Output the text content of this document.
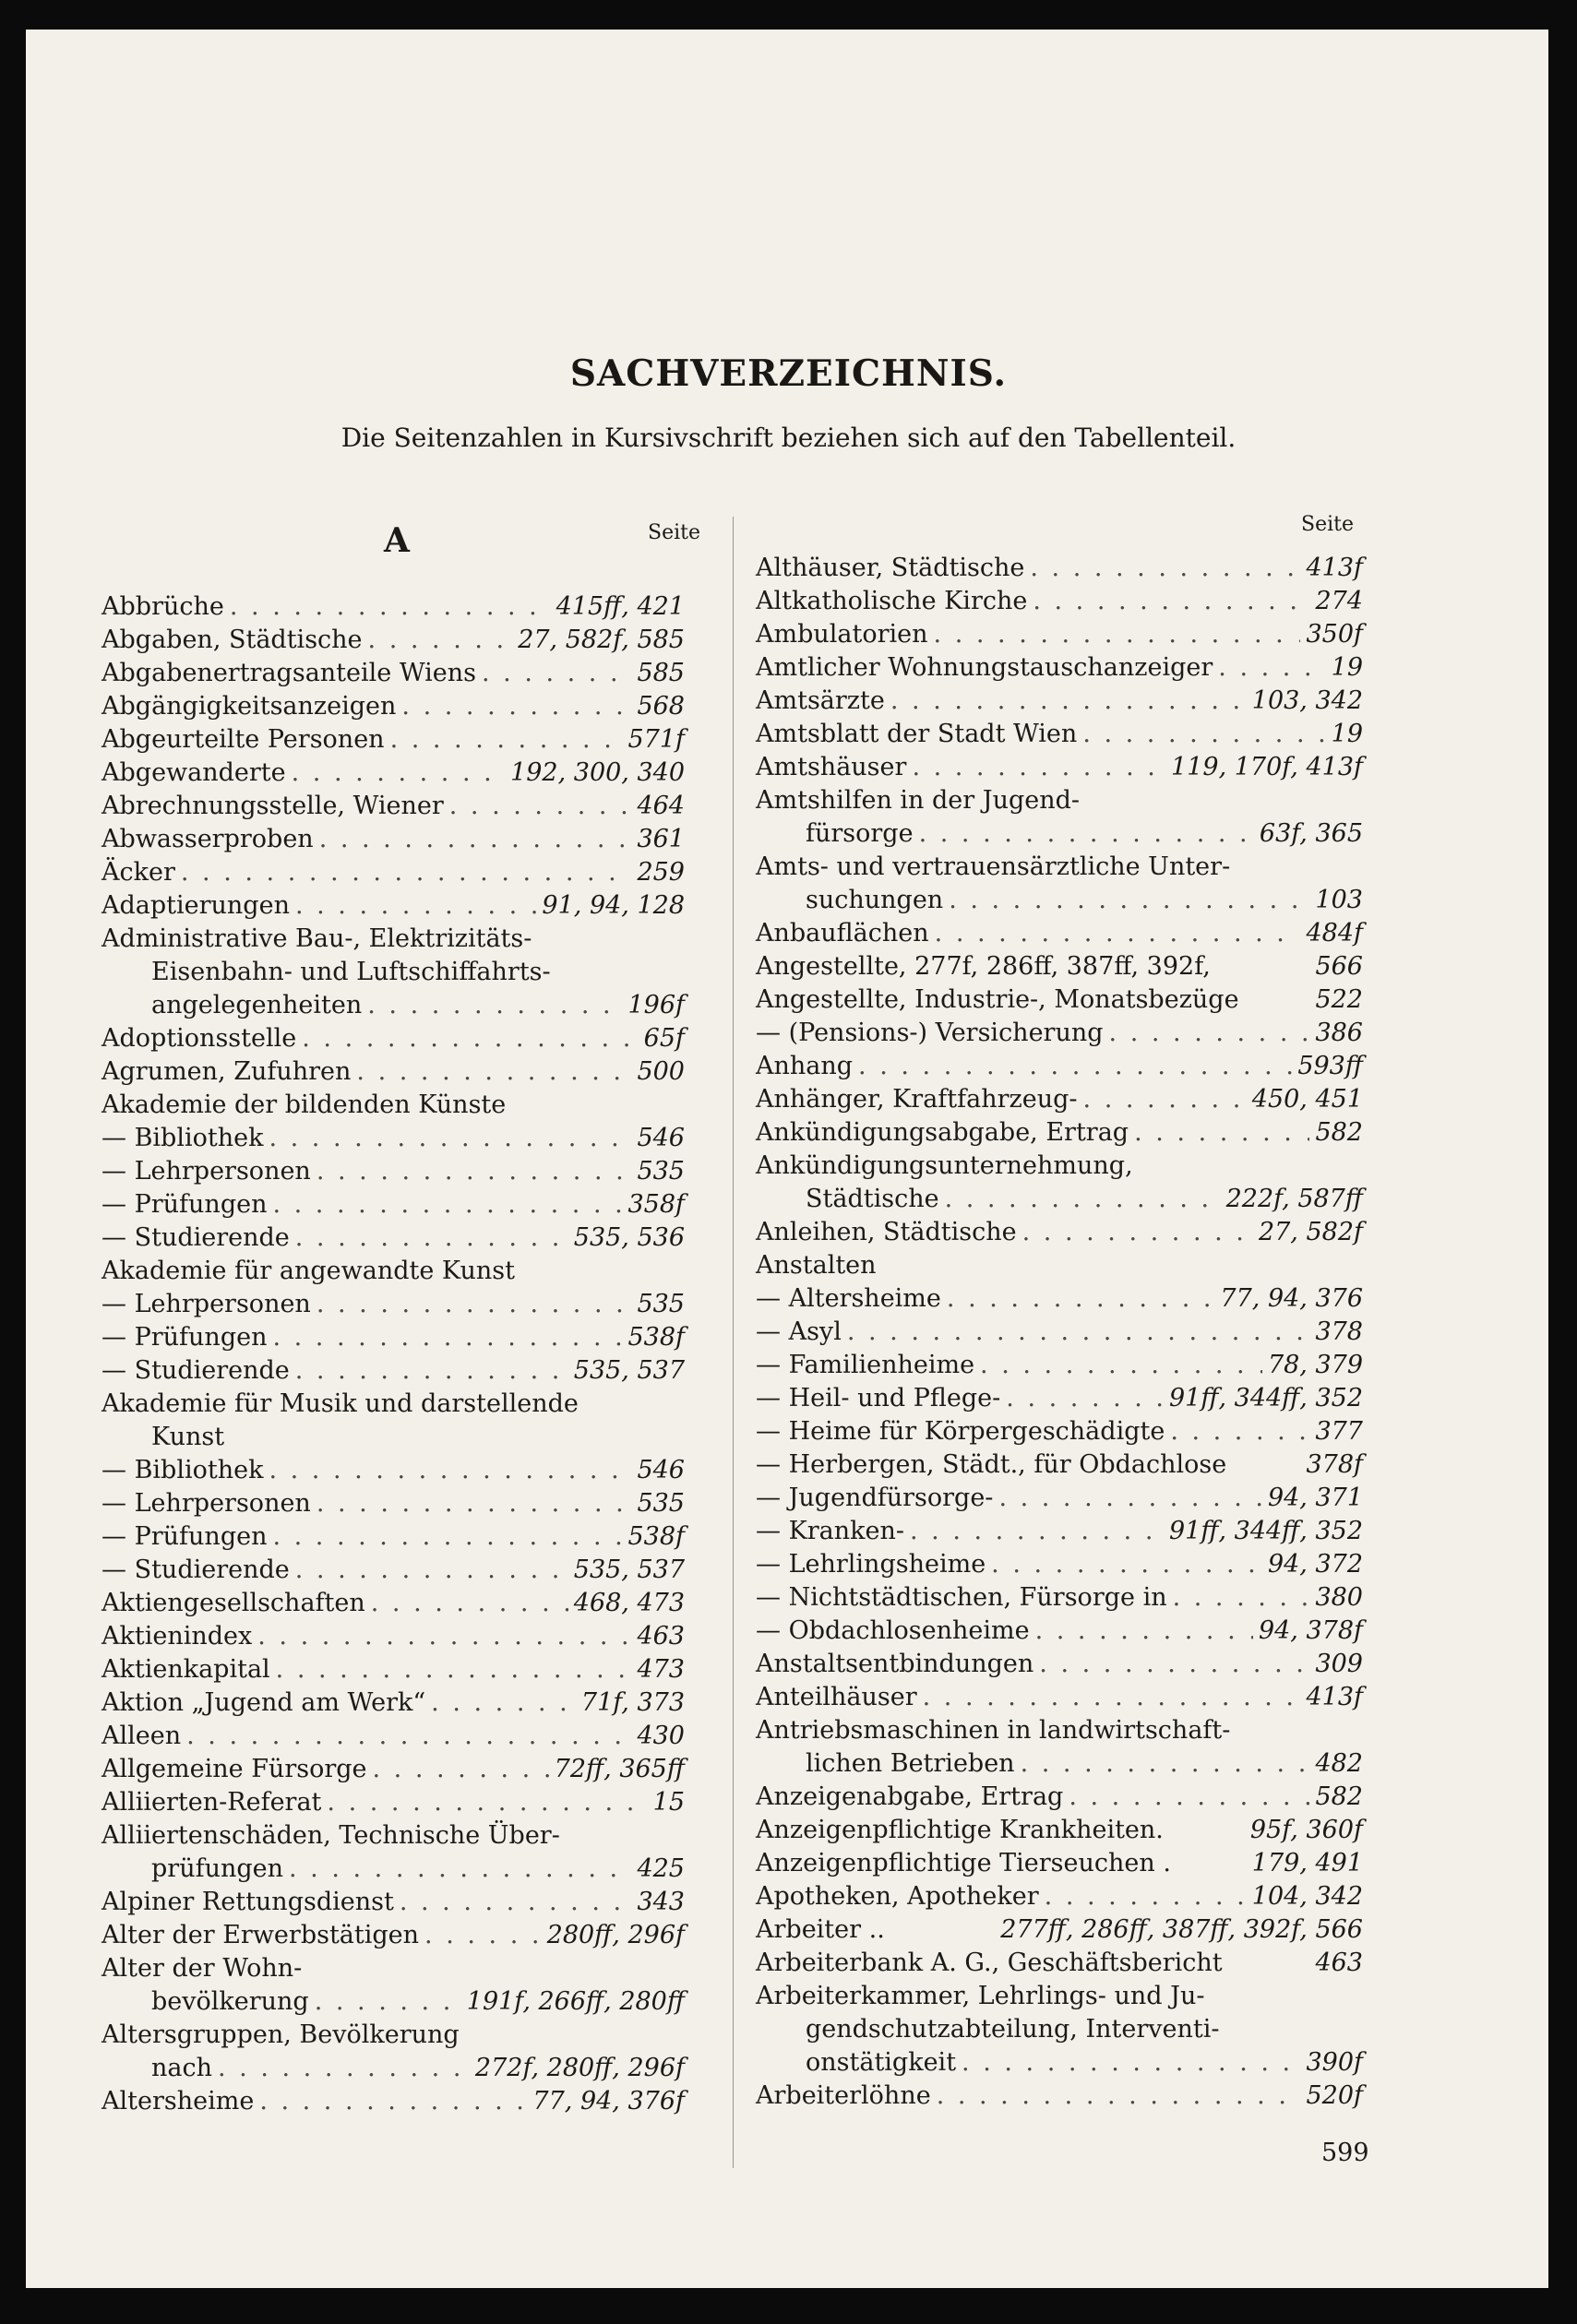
SACHVERZEICHNIS.
Die Seitenzahlen in Kursivschrift beziehen sich auf den Tabellenteil.
A	Seite	Seite
Abbrüche . . .	415ff, 421
Abgaben, Städtische . . .	27, 582f, 585
Abgabenertragsanteile Wiens . . .	585
Abgängigkeitsanzeigen . . .	568
Abgeurteilte Personen . . .	571f
Abgewanderte . . .	192, 300, 340
Abrechnungsstelle, Wiener . . .	464
Abwasserproben . . .	361
Äcker . . .	259
Adaptierungen . . .	91, 94, 128
Administrative Bau-, Elektrizitäts-
Eisenbahn- und Luftschiffahrts-
angelegenheiten . . .	196f
Adoptionsstelle . . .	65f
Agrumen, Zufuhren . . .	500
Akademie der bildenden Künste
— Bibliothek . . .	546
— Lehrpersonen . . .	535
— Prüfungen . . .	358f
— Studierende . . .	535, 536
Akademie für angewandte Kunst
— Lehrpersonen . . .	535
— Prüfungen . . .	538f
— Studierende . . .	535, 537
Akademie für Musik und darstellende
Kunst
— Bibliothek . . .	546
— Lehrpersonen . . .	535
— Prüfungen . . .	538f
— Studierende . . .	535, 537
Aktiengesellschaften . . .	468, 473
Aktienindex . . .	463
Aktienkapital . . .	473
Aktion „Jugend am Werk“ . . .	71f, 373
Alleen . . .	430
Allgemeine Fürsorge . . .	72ff, 365ff
Alliierten-Referat . . .	15
Alliiertenschäden, Technische Über-
prüfungen . . .	425
Alpiner Rettungsdienst . . .	343
Alter der Erwerbstätigen . . .	280ff, 296f
Alter der Wohn-
bevölkerung . . .	191f, 266ff, 280ff
Altersgruppen, Bevölkerung
nach . . .	272f, 280ff, 296f
Altersheime . . .	77, 94, 376f
Althäuser, Städtische . . .	413f
Altkatholische Kirche . . .	274
Ambulatorien . . .	350f
Amtlicher Wohnungstauschanzeiger . . .	19
Amtsärzte . . .	103, 342
Amtsblatt der Stadt Wien . . .	19
Amtshäuser . . .	119, 170f, 413f
Amtshilfen in der Jugend-
fürsorge . . .	63f, 365
Amts- und vertrauensärztliche Unter-
suchungen . . .	103
Anbauflächen . . .	484f
Angestellte, 277f, 286ff, 387ff, 392f,	566
Angestellte, Industrie-, Monatsbezüge	522
— (Pensions-) Versicherung . . .	386
Anhang . . .	593ff
Anhänger, Kraftfahrzeug- . . .	450, 451
Ankündigungsabgabe, Ertrag . . .	582
Ankündigungsunternehmung,
Städtische . . .	222f, 587ff
Anleihen, Städtische . . .	27, 582f
Anstalten
— Altersheime . . .	77, 94, 376
— Asyl . . .	378
— Familienheime . . .	78, 379
— Heil- und Pflege- . . .	91ff, 344ff, 352
— Heime für Körpergeschädigte . . .	377
— Herbergen, Städt., für Obdachlose	378f
— Jugendfürsorge- . . .	94, 371
— Kranken- . . .	91ff, 344ff, 352
— Lehrlingsheime . . .	94, 372
— Nichtstädtischen, Fürsorge in . . .	380
— Obdachlosenheime . . .	94, 378f
Anstaltsentbindungen . . .	309
Anteilhäuser . . .	413f
Antriebsmaschinen in landwirtschaft-
lichen Betrieben . . .	482
Anzeigenabgabe, Ertrag . . .	582
Anzeigenpflichtige Krankheiten.	95f, 360f
Anzeigenpflichtige Tierseuchen .	179, 491
Apotheken, Apotheker . . .	104, 342
Arbeiter ..	277ff, 286ff, 387ff, 392f, 566
Arbeiterbank A. G., Geschäftsbericht	463
Arbeiterkammer, Lehrlings- und Ju-
gendschutzabteilung, Interventi-
onstätigkeit . . .	390f
Arbeiterlöhne . . .	520f
599
